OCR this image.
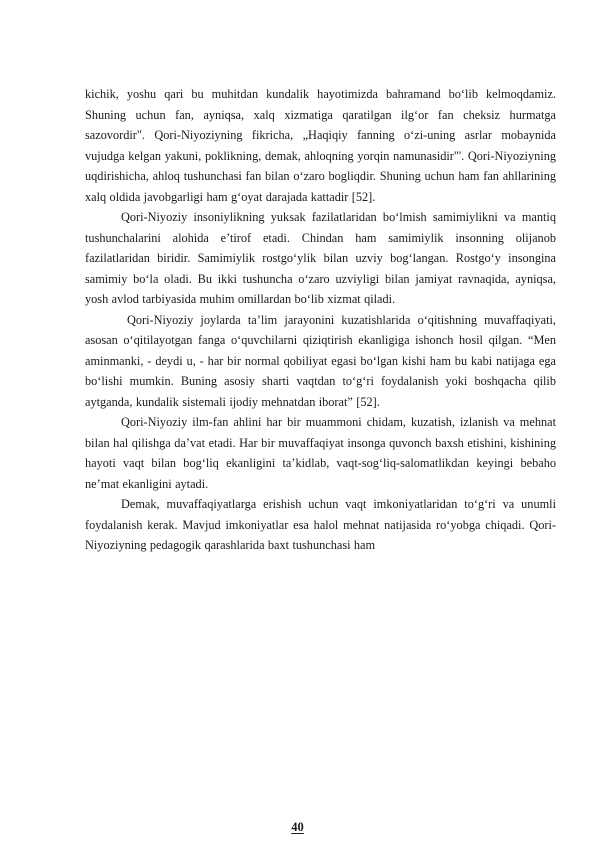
kichik, yoshu qari bu muhitdan kundalik hayotimizda bahramand bo‘lib kelmoqdamiz. Shuning uchun fan, ayniqsa, xalq xizmatiga qaratilgan ilg‘or fan cheksiz hurmatga sazovordir". Qori-Niyoziyning fikricha, „Haqiqiy fanning o‘zi-uning asrlar mobaynida vujudga kelgan yakuni, poklikning, demak, ahloqning yorqin namunasidir"'. Qori-Niyoziyning uqdirishicha, ahloq tushunchasi fan bilan o‘zaro bogliqdir. Shuning uchun ham fan ahllarining xalq oldida javobgarligi ham g‘oyat darajada kattadir [52].

Qori-Niyoziy insoniylikning yuksak fazilatlaridan bo‘lmish samimiylikni va mantiq tushunchalarini alohida e’tirof etadi. Chindan ham samimiylik insonning olijanob fazilatlaridan biridir. Samimiylik rostgo‘ylik bilan uzviy bog‘langan. Rostgo‘y insongina samimiy bo‘la oladi. Bu ikki tushuncha o‘zaro uzviyligi bilan jamiyat ravnaqida, ayniqsa, yosh avlod tarbiyasida muhim omillardan bo‘lib xizmat qiladi.

Qori-Niyoziy joylarda ta’lim jarayonini kuzatishlarida o‘qitishning muvaffaqiyati, asosan o‘qitilayotgan fanga o‘quvchilarni qiziqtirish ekanligiga ishonch hosil qilgan. “Men aminmanki, - deydi u, - har bir normal qobiliyat egasi bo‘lgan kishi ham bu kabi natijaga ega bo‘lishi mumkin. Buning asosiy sharti vaqtdan to‘g‘ri foydalanish yoki boshqacha qilib aytganda, kundalik sistemali ijodiy mehnatdan iborat” [52].

Qori-Niyoziy ilm-fan ahlini har bir muammoni chidam, kuzatish, izlanish va mehnat bilan hal qilishga da’vat etadi. Har bir muvaffaqiyat insonga quvonch baxsh etishini, kishining hayoti vaqt bilan bog‘liq ekanligini ta’kidlab, vaqt-sog‘liq-salomatlikdan keyingi bebaho ne’mat ekanligini aytadi.

Demak, muvaffaqiyatlarga erishish uchun vaqt imkoniyatlaridan to‘g‘ri va unumli foydalanish kerak. Mavjud imkoniyatlar esa halol mehnat natijasida ro‘yobga chiqadi. Qori-Niyoziyning pedagogik qarashlarida baxt tushunchasi ham

40
